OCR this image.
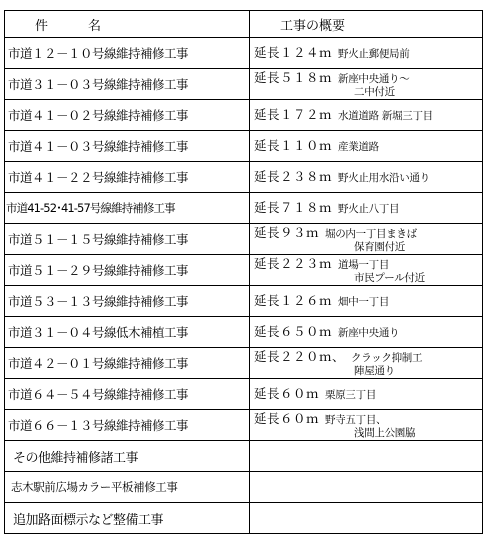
件 名	工事の概要
市道１２－１０号線維持補修工事	延長１２４ｍ 野火止郵便局前

市道３１－０３号線維持補修工事	延長５１８ｍ 新座中央通り～
二中付近

市道４１－０２号線維持補修工事	延長１７２ｍ 水道道路 新堀三丁目

市道４１－０３号線維持補修工事	延長１１０ｍ 産業道路

市道４１－２２号線維持補修工事	延長２３８ｍ 野火止用水沿い通り

市道41-52･41-57号線維持補修工事	延長７１８ｍ 野火止八丁目

市道５１－１５号線維持補修工事	延長９３ｍ 堀の内一丁目まきば
保育園付近

市道５１－２９号線維持補修工事	延長２２３ｍ 道場一丁目
市民プール付近

市道５３－１３号線維持補修工事	延長１２６ｍ 畑中一丁目

市道３１－０４号線低木補植工事	延長６５０ｍ 新座中央通り

市道４２－０１号線維持補修工事	延長２２０ｍ、 クラック抑制工
陣屋通り

市道６４－５４号線維持補修工事	延長６０ｍ 栗原三丁目

市道６６－１３号線維持補修工事	延長６０ｍ 野寺五丁目、
浅間上公園脇

その他維持補修諸工事	
志木駅前広場カラー平板補修工事	
追加路面標示など整備工事	
